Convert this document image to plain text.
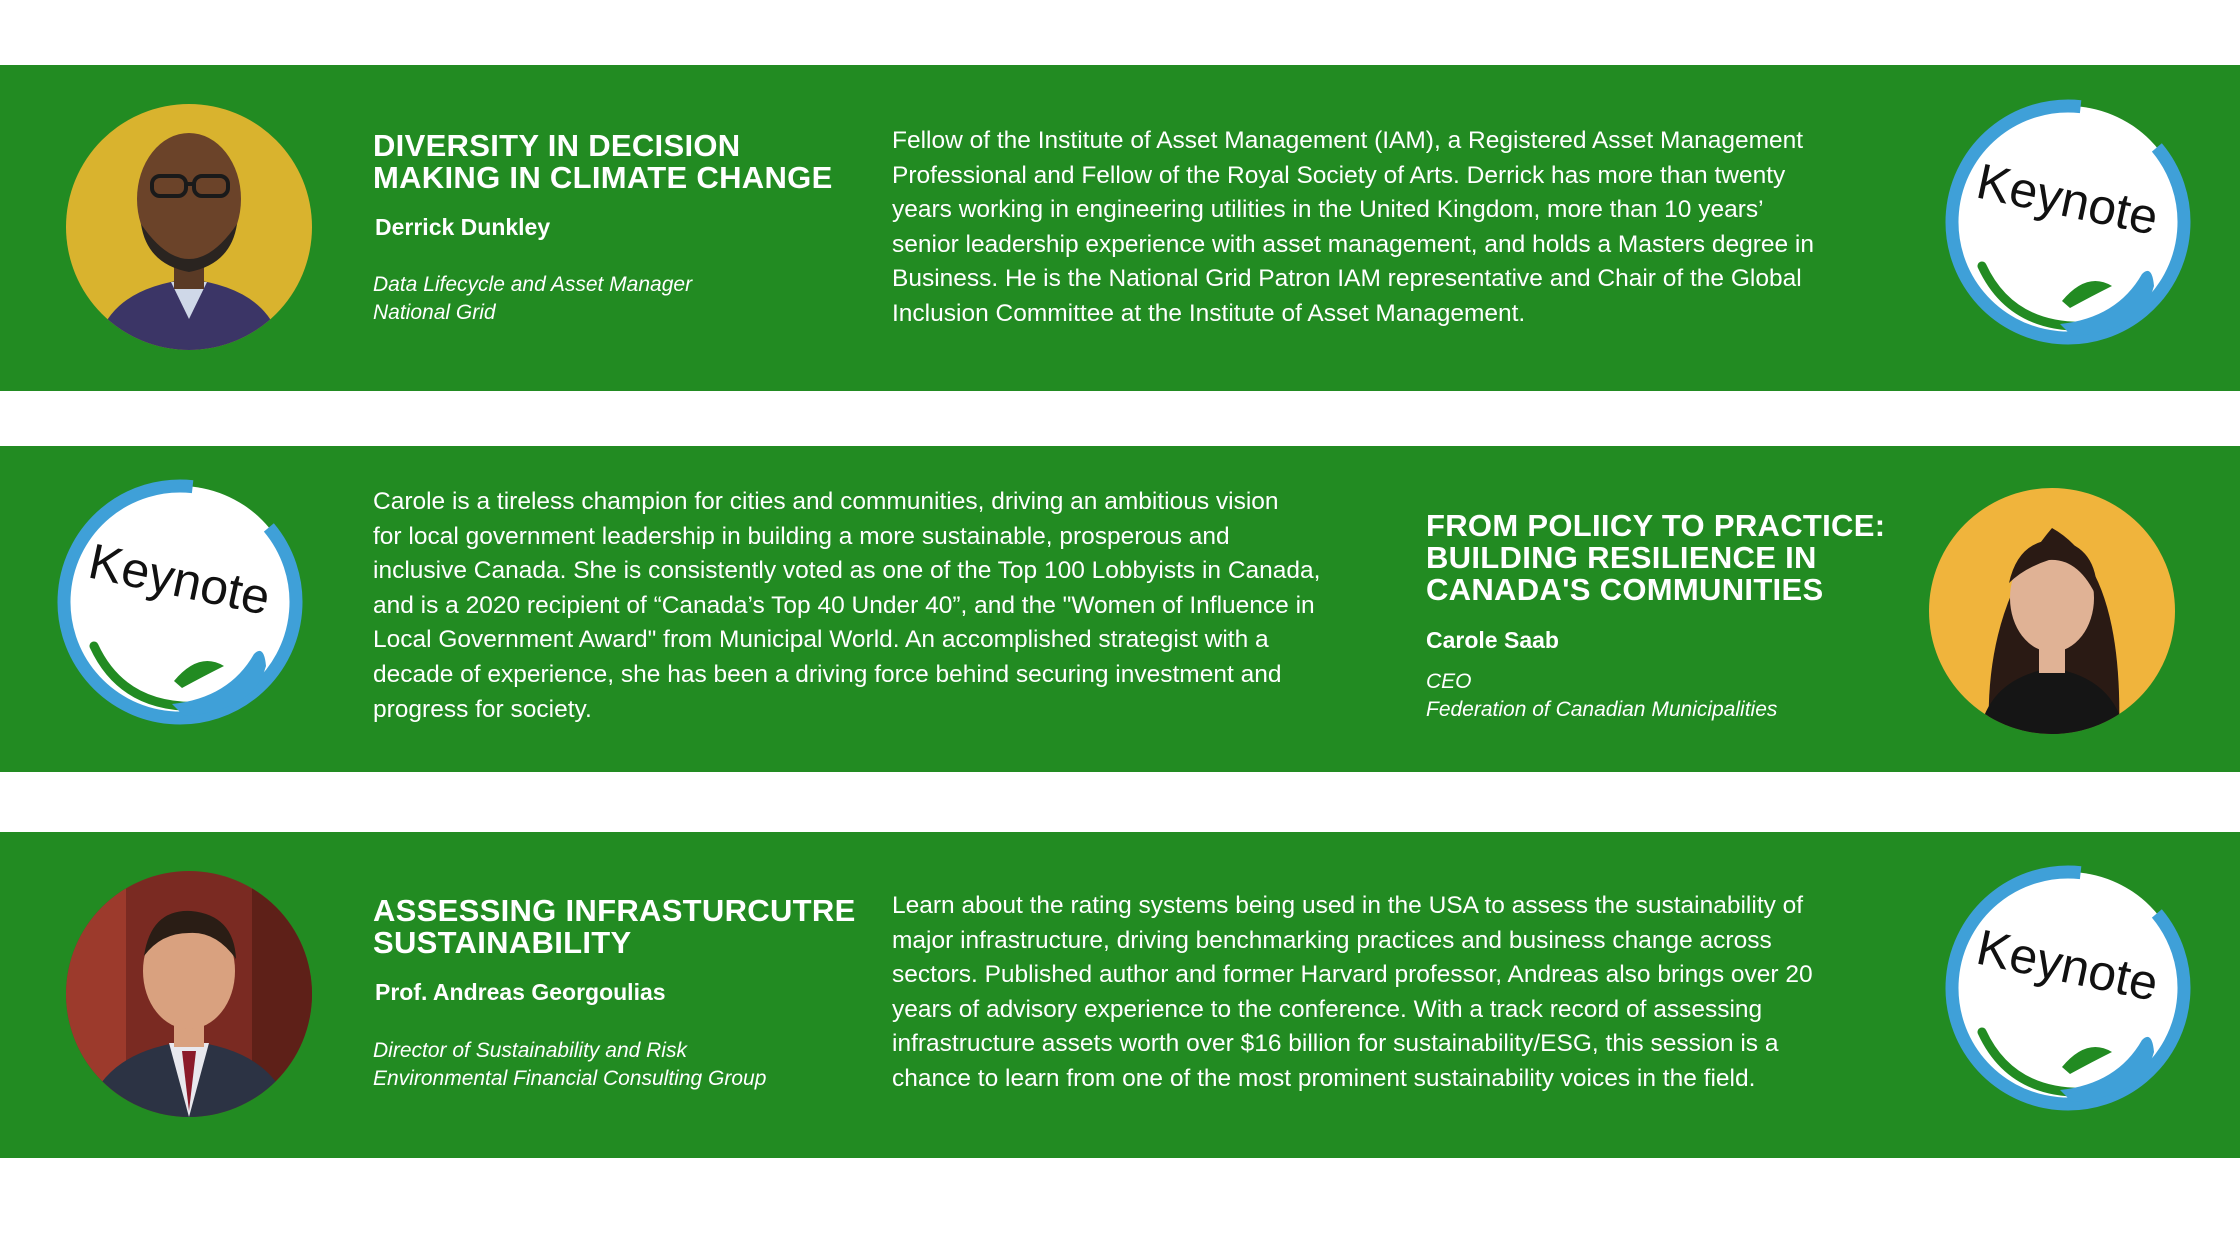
DIVERSITY IN DECISION
MAKING IN CLIMATE CHANGE
Derrick Dunkley
Data Lifecycle and Asset Manager
National Grid
Fellow of the Institute of Asset Management (IAM), a Registered Asset Management
Professional and Fellow of the Royal Society of Arts. Derrick has more than twenty
years working in engineering utilities in the United Kingdom, more than 10 years’
senior leadership experience with asset management, and holds a Masters degree in
Business. He is the National Grid Patron IAM representative and Chair of the Global
Inclusion Committee at the Institute of Asset Management.
Keynote
Keynote
Carole is a tireless champion for cities and communities, driving an ambitious vision
for local government leadership in building a more sustainable, prosperous and
inclusive Canada. She is consistently voted as one of the Top 100 Lobbyists in Canada,
and is a 2020 recipient of “Canada’s Top 40 Under 40”, and the "Women of Influence in
Local Government Award" from Municipal World. An accomplished strategist with a
decade of experience, she has been a driving force behind securing investment and
progress for society.
FROM POLIICY TO PRACTICE:
BUILDING RESILIENCE IN
CANADA'S COMMUNITIES
Carole Saab
CEO
Federation of Canadian Municipalities
ASSESSING INFRASTURCUTRE
SUSTAINABILITY
Prof. Andreas Georgoulias
Director of Sustainability and Risk
Environmental Financial Consulting Group
Learn about the rating systems being used in the USA to assess the sustainability of
major infrastructure, driving benchmarking practices and business change across
sectors. Published author and former Harvard professor, Andreas also brings over 20
years of advisory experience to the conference. With a track record of assessing
infrastructure assets worth over $16 billion for sustainability/ESG, this session is a
chance to learn from one of the most prominent sustainability voices in the field.
Keynote
